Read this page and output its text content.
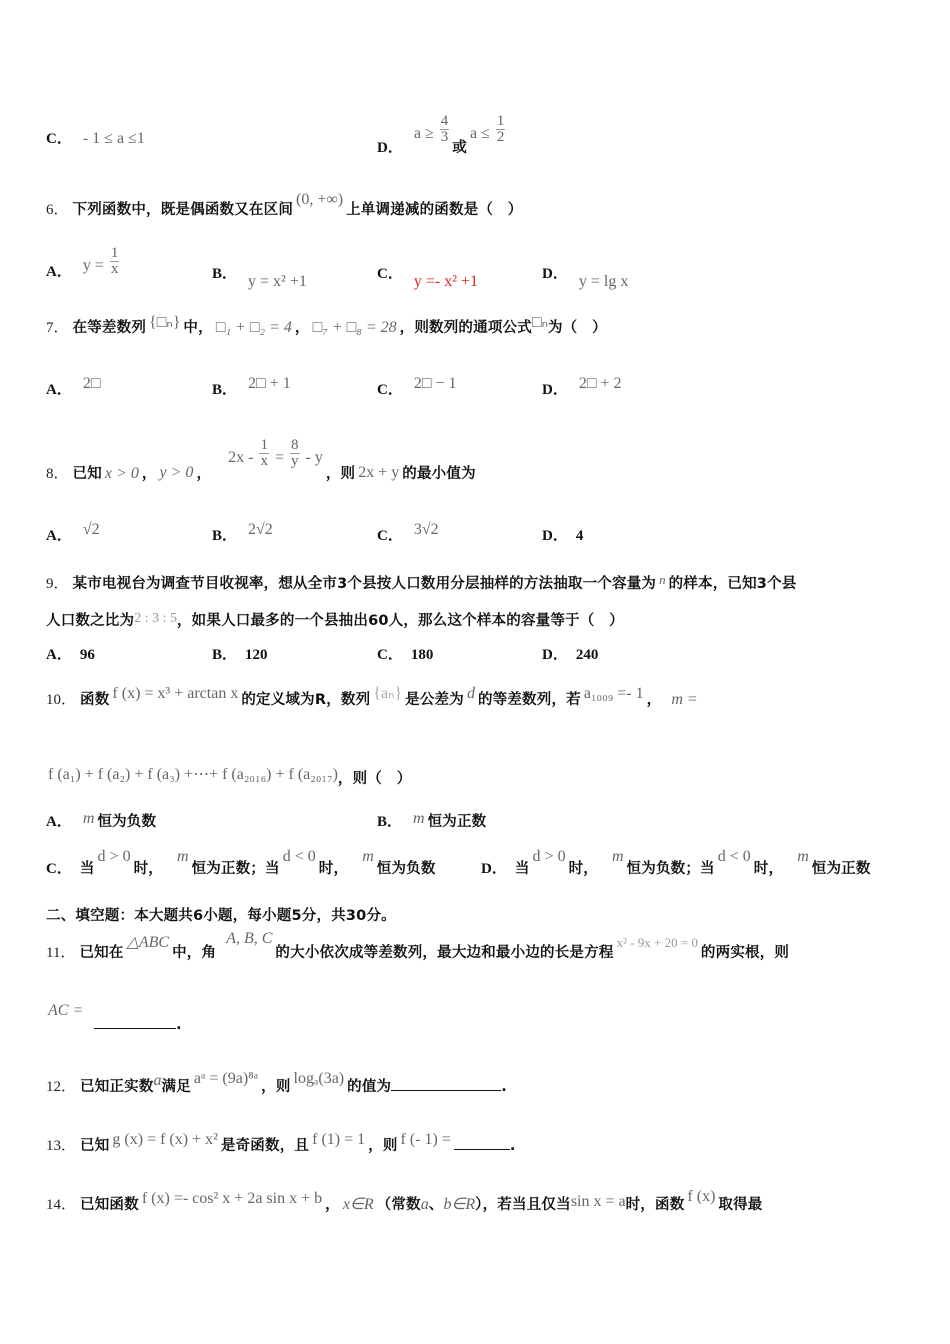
C． - 1 ≤ a ≤1
D．
$a \ge \frac{4}{3}$
或
$a \le \frac{1}{2}$
6． 下列函数中，既是偶函数又在区间
(0, +∞)
上单调递减的函数是（　）
A． $y = \frac{1}{x}$	B． y = x² +1	C． y =- x² +1	D． y = lg x
7． 在等差数列 {□ₙ} 中， □₁ + □₂ = 4 ， □₇ + □₈ = 28 ，则数列的通项公式 □ₙ 为（　）
A． 2□	B． 2□ + 1	C． 2□ − 1	D． 2□ + 2
8． 已知 x > 0 ， y > 0 ，
$2x - \frac{1}{x} = \frac{8}{y} - y$
，则 2x + y 的最小值为
A． √2	B． 2√2	C． 3√2	D． 4
9． 某市电视台为调查节目收视率，想从全市3个县按人口数用分层抽样的方法抽取一个容量为 n 的样本，已知3个县
人口数之比为 2 : 3 : 5 ，如果人口最多的一个县抽出60人，那么这个样本的容量等于（　）
A． 96	B． 120	C． 180	D． 240
10． 函数 f (x) = x³ + arctan x 的定义域为R，数列 {aₙ} 是公差为 d 的等差数列，若 a₁₀₀₉ =- 1 ， m =
f (a₁) + f (a₂) + f (a₃) +⋯+ f (a₂₀₁₆) + f (a₂₀₁₇) ，则（　）
A． m 恒为负数	B． m 恒为正数
C． 当
d > 0
时，
m
恒为正数；当
d < 0
时，
m
恒为负数	D． 当
d > 0
时，
m
恒为负数；当
d < 0
时，
m
恒为正数
二、填空题：本大题共6小题，每小题5分，共30分。
11． 已知在
△ABC
中，角
A, B, C
的大小依次成等差数列，最大边和最小边的长是方程
x² - 9x + 20 = 0
的两实根，则
AC =
.
12． 已知正实数 a 满足 aᵃ = (9a)⁸ᵃ ，则 logₐ(3a) 的值为	.
13． 已知 g (x) = f (x) + x² 是奇函数，且 f (1) = 1 ，则 f (- 1) =	.
14． 已知函数 f (x) =- cos² x + 2a sin x + b ， x∈R （常数 a 、 b∈R ），若当且仅当 sin x = a 时，函数 f (x) 取得最
